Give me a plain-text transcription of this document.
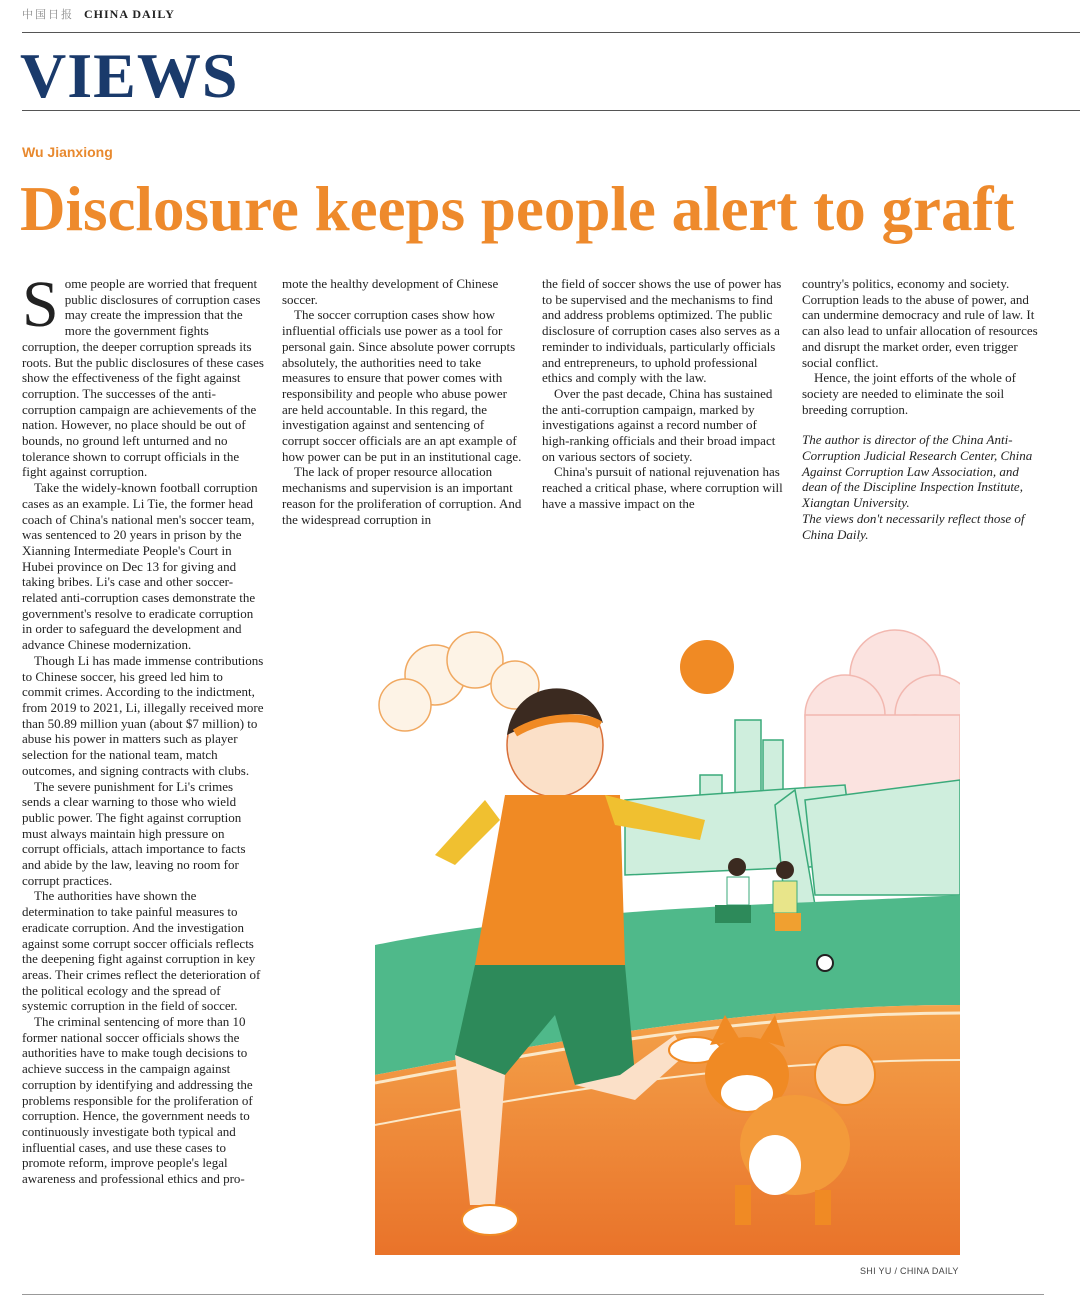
中国日报 CHINA DAILY
VIEWS
Wu Jianxiong
Disclosure keeps people alert to graft

Some people are worried that frequent public disclosures of corruption cases may create the impression that the more the government fights corruption, the deeper corruption spreads its roots. But the public disclosures of these cases show the effectiveness of the fight against corruption. The successes of the anti-corruption campaign are achievements of the nation. However, no place should be out of bounds, no ground left unturned and no tolerance shown to corrupt officials in the fight against corruption.

Take the widely-known football corruption cases as an example. Li Tie, the former head coach of China's national men's soccer team, was sentenced to 20 years in prison by the Xianning Intermediate People's Court in Hubei province on Dec 13 for giving and taking bribes. Li's case and other soccer-related anti-corruption cases demonstrate the government's resolve to eradicate corruption in order to safeguard the development and advance Chinese modernization.

Though Li has made immense contributions to Chinese soccer, his greed led him to commit crimes. According to the indictment, from 2019 to 2021, Li, illegally received more than 50.89 million yuan (about $7 million) to abuse his power in matters such as player selection for the national team, match outcomes, and signing contracts with clubs.

The severe punishment for Li's crimes sends a clear warning to those who wield public power. The fight against corruption must always maintain high pressure on corrupt officials, attach importance to facts and abide by the law, leaving no room for corrupt practices.

The authorities have shown the determination to take painful measures to eradicate corruption. And the investigation against some corrupt soccer officials reflects the deepening fight against corruption in key areas. Their crimes reflect the deterioration of the political ecology and the spread of systemic corruption in the field of soccer.

The criminal sentencing of more than 10 former national soccer officials shows the authorities have to make tough decisions to achieve success in the campaign against corruption by identifying and addressing the problems responsible for the proliferation of corruption. Hence, the government needs to continuously investigate both typical and influential cases, and use these cases to promote reform, improve people's legal awareness and professional ethics and pro-

mote the healthy development of Chinese soccer.

The soccer corruption cases show how influential officials use power as a tool for personal gain. Since absolute power corrupts absolutely, the authorities need to take measures to ensure that power comes with responsibility and people who abuse power are held accountable. In this regard, the investigation against and sentencing of corrupt soccer officials are an apt example of how power can be put in an institutional cage.

The lack of proper resource allocation mechanisms and supervision is an important reason for the proliferation of corruption. And the widespread corruption in

the field of soccer shows the use of power has to be supervised and the mechanisms to find and address problems optimized. The public disclosure of corruption cases also serves as a reminder to individuals, particularly officials and entrepreneurs, to uphold professional ethics and comply with the law.

Over the past decade, China has sustained the anti-corruption campaign, marked by investigations against a record number of high-ranking officials and their broad impact on various sectors of society.

China's pursuit of national rejuvenation has reached a critical phase, where corruption will have a massive impact on the

country's politics, economy and society. Corruption leads to the abuse of power, and can undermine democracy and rule of law. It can also lead to unfair allocation of resources and disrupt the market order, even trigger social conflict.

Hence, the joint efforts of the whole of society are needed to eliminate the soil breeding corruption.

The author is director of the China Anti-Corruption Judicial Research Center, China Against Corruption Law Association, and dean of the Discipline Inspection Institute, Xiangtan University.

The views don't necessarily reflect those of China Daily.

SHI YU / CHINA DAILY
